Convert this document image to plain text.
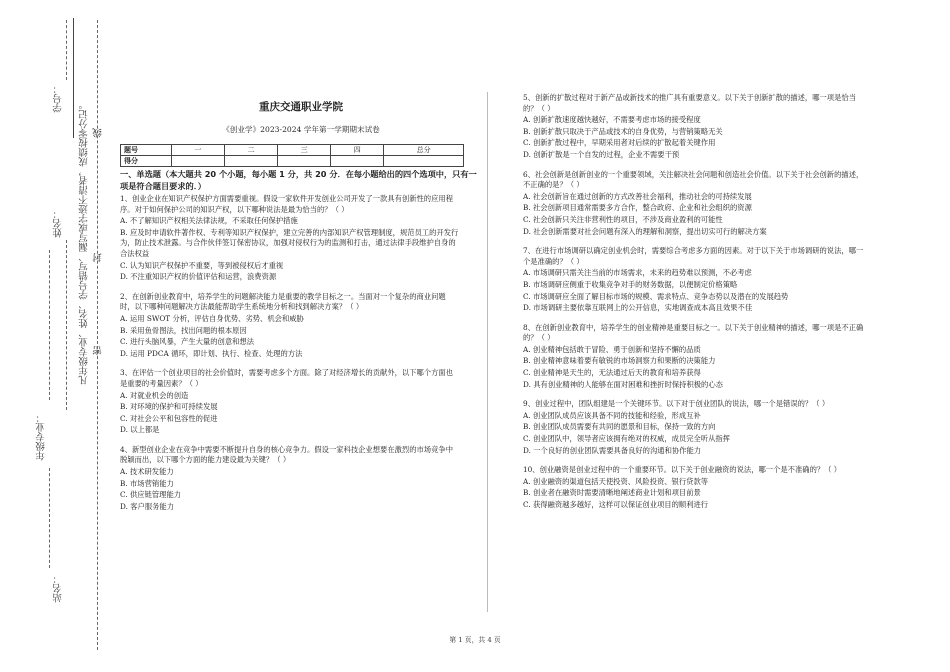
站名：
年级专业：
姓名：
学号：
凡年级专业、姓名、学号错写、漏写或字迹不清者，成绩按零分记。 密
封
线
重庆交通职业学院
《创业学》2023-2024 学年第一学期期末试卷
题号	一	二	三	四	总分
得分					
一、单选题（本大题共 20 个小题，每小题 1 分，共 20 分．在每小题给出的四个选项中，只有一项是符合题目要求的．）

1、创业企业在知识产权保护方面需要重视。假设一家软件开发创业公司开发了一款具有创新性的应用程序。对于如何保护公司的知识产权，以下哪种说法是最为恰当的？（ ）

A. 不了解知识产权相关法律法规，不采取任何保护措施

B. 应及时申请软件著作权、专利等知识产权保护，建立完善的内部知识产权管理制度，规范员工的开发行为，防止技术泄露。与合作伙伴签订保密协议，加强对侵权行为的监测和打击，通过法律手段维护自身的合法权益

C. 认为知识产权保护不重要，等到被侵权后才重视

D. 不注重知识产权的价值评估和运营，浪费资源

2、在创新创业教育中，培养学生的问题解决能力是重要的教学目标之一。当面对一个复杂的商业问题时，以下哪种问题解决方法最能帮助学生系统地分析和找到解决方案？（ ）

A. 运用 SWOT 分析，评估自身优势、劣势、机会和威胁

B. 采用鱼骨图法，找出问题的根本原因

C. 进行头脑风暴，产生大量的创意和想法

D. 运用 PDCA 循环，即计划、执行、检查、处理的方法

3、在评估一个创业项目的社会价值时，需要考虑多个方面。除了对经济增长的贡献外，以下哪个方面也是重要的考量因素？（ ）

A. 对就业机会的创造

B. 对环境的保护和可持续发展

C. 对社会公平和包容性的促进

D. 以上都是

4、新型创业企业在竞争中需要不断提升自身的核心竞争力。假设一家科技企业想要在激烈的市场竞争中脱颖而出，以下哪个方面的能力建设最为关键？（ ）

A. 技术研发能力

B. 市场营销能力

C. 供应链管理能力

D. 客户服务能力

5、创新的扩散过程对于新产品或新技术的推广具有重要意义。以下关于创新扩散的描述，哪一项是恰当的？（ ）

A. 创新扩散速度越快越好，不需要考虑市场的接受程度

B. 创新扩散只取决于产品或技术的自身优势，与营销策略无关

C. 创新扩散过程中，早期采用者对后续的扩散起着关键作用

D. 创新扩散是一个自发的过程，企业不需要干预

6、社会创新是创新创业的一个重要领域，关注解决社会问题和创造社会价值。以下关于社会创新的描述，不正确的是？（ ）

A. 社会创新旨在通过创新的方式改善社会福利，推动社会的可持续发展

B. 社会创新项目通常需要多方合作，整合政府、企业和社会组织的资源

C. 社会创新只关注非营利性的项目，不涉及商业盈利的可能性

D. 社会创新需要对社会问题有深入的理解和洞察，提出切实可行的解决方案

7、在进行市场调研以确定创业机会时，需要综合考虑多方面的因素。对于以下关于市场调研的说法，哪一个是准确的？（ ）

A. 市场调研只需关注当前的市场需求，未来的趋势难以预测，不必考虑

B. 市场调研应侧重于收集竞争对手的财务数据，以便制定价格策略

C. 市场调研应全面了解目标市场的规模、需求特点、竞争态势以及潜在的发展趋势

D. 市场调研主要依靠互联网上的公开信息，实地调查成本高且效果不佳

8、在创新创业教育中，培养学生的创业精神是重要目标之一。以下关于创业精神的描述，哪一项是不正确的？（ ）

A. 创业精神包括敢于冒险、勇于创新和坚持不懈的品质

B. 创业精神意味着要有敏锐的市场洞察力和果断的决策能力

C. 创业精神是天生的，无法通过后天的教育和培养获得

D. 具有创业精神的人能够在面对困难和挫折时保持积极的心态

9、创业过程中，团队组建是一个关键环节。以下对于创业团队的说法，哪一个是错误的？（ ）

A. 创业团队成员应该具备不同的技能和经验，形成互补

B. 创业团队成员需要有共同的愿景和目标，保持一致的方向

C. 创业团队中，领导者应该拥有绝对的权威，成员完全听从指挥

D. 一个良好的创业团队需要具备良好的沟通和协作能力

10、创业融资是创业过程中的一个重要环节。以下关于创业融资的说法，哪一个是不准确的？（ ）

A. 创业融资的渠道包括天使投资、风险投资、银行贷款等

B. 创业者在融资时需要清晰地阐述商业计划和项目前景

C. 获得融资越多越好，这样可以保证创业项目的顺利进行

第 1 页，共 4 页
